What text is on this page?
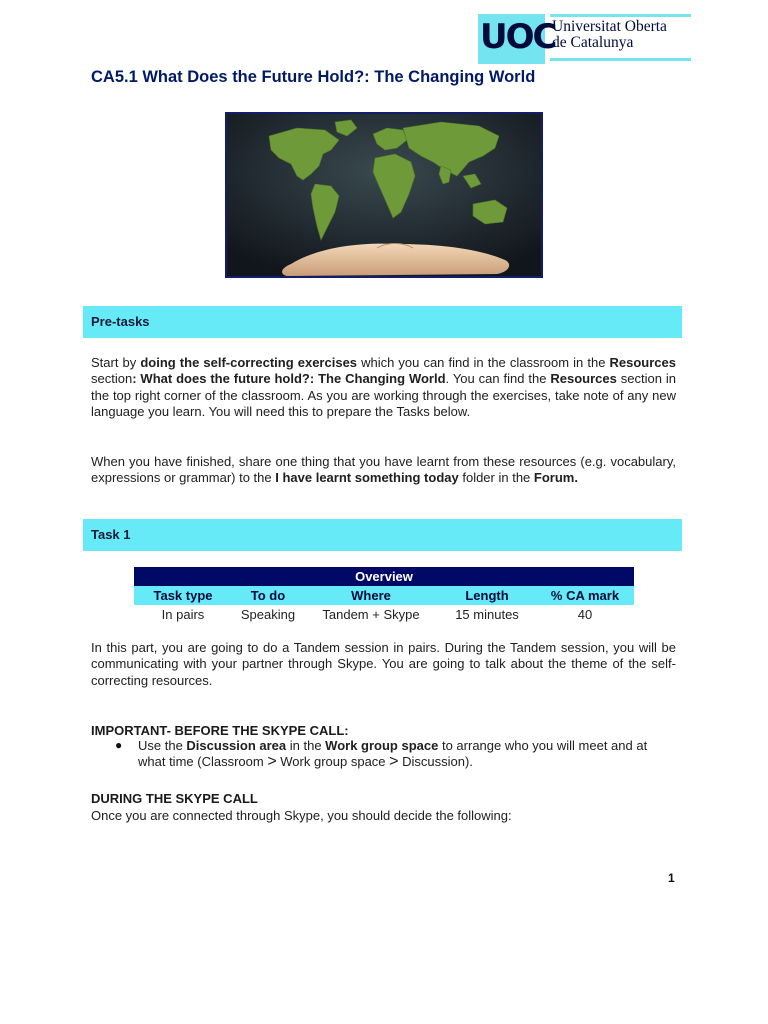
UOC
Universitat Oberta
de Catalunya
CA5.1 What Does the Future Hold?: The Changing World
Pre-tasks
Start by doing the self-correcting exercises which you can find in the classroom in the Resources section: What does the future hold?: The Changing World. You can find the Resources section in the top right corner of the classroom. As you are working through the exercises, take note of any new language you learn. You will need this to prepare the Tasks below.
When you have finished, share one thing that you have learnt from these resources (e.g. vocabulary, expressions or grammar) to the I have learnt something today folder in the Forum.
Task 1
Overview				
Task type	To do	Where	Length	% CA mark
In pairs	Speaking	Tandem + Skype	15 minutes	40
In this part, you are going to do a Tandem session in pairs. During the Tandem session, you will be communicating with your partner through Skype. You are going to talk about the theme of the self-correcting resources.
IMPORTANT- BEFORE THE SKYPE CALL:
● Use the Discussion area in the Work group space to arrange who you will meet and at what time (Classroom > Work group space > Discussion).
DURING THE SKYPE CALL
Once you are connected through Skype, you should decide the following:
1
